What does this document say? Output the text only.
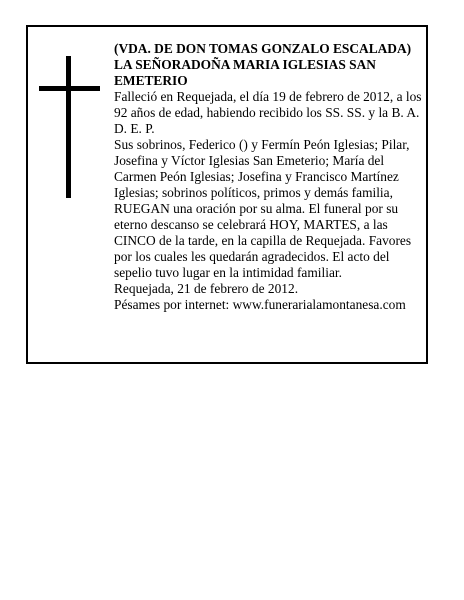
(VDA. DE DON TOMAS GONZALO ESCALADA)

LA SEÑORADOÑA MARIA IGLESIAS SAN EMETERIO

Falleció en Requejada, el día 19 de febrero de 2012, a los 92 años de edad, habiendo recibido los SS. SS. y la B. A.

D. E. P.

Sus sobrinos, Federico () y Fermín Peón Iglesias; Pilar, Josefina y Víctor Iglesias San Emeterio; María del Carmen Peón Iglesias; Josefina y Francisco Martínez Iglesias; sobrinos políticos, primos y demás familia, RUEGAN una oración por su alma. El funeral por su eterno descanso se celebrará HOY, MARTES, a las CINCO de la tarde, en la capilla de Requejada. Favores por los cuales les quedarán agradecidos. El acto del sepelio tuvo lugar en la intimidad familiar.

Requejada, 21 de febrero de 2012.

Pésames por internet: www.funerarialamontanesa.com
